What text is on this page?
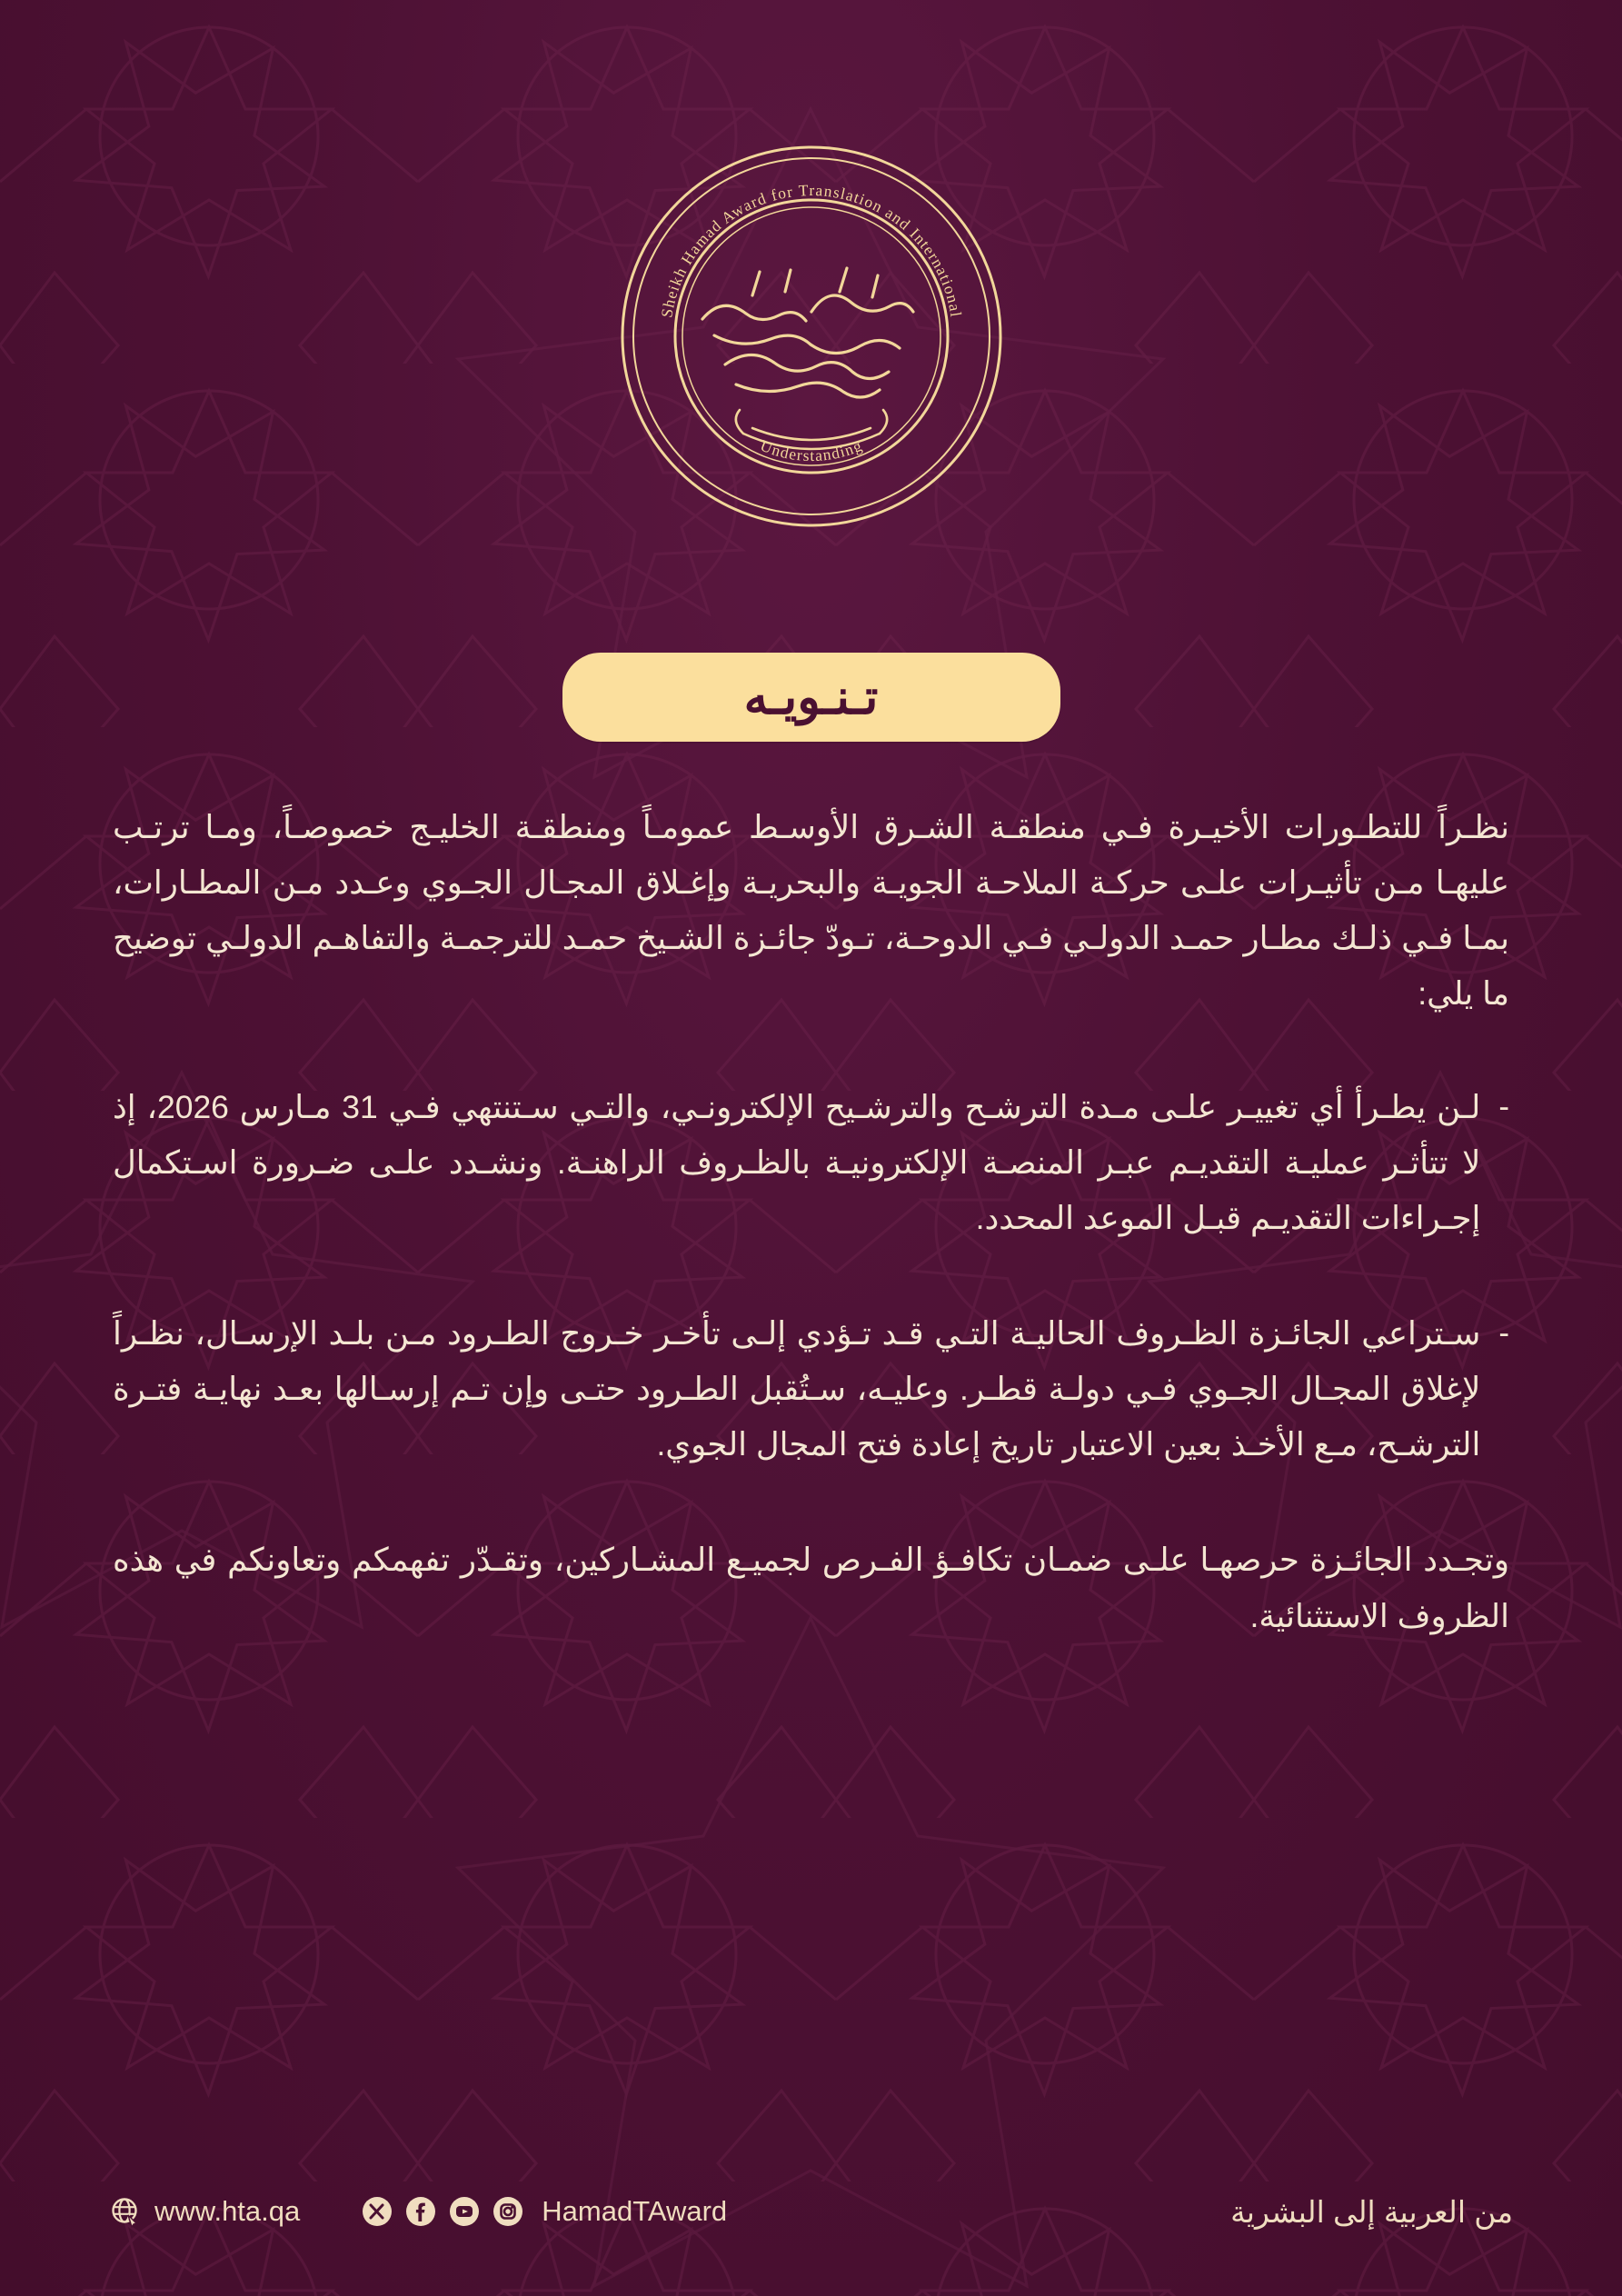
Sheikh Hamad Award for Translation and International
Understanding
تـنـويـه

نظـراً للتطـورات الأخيـرة فـي منطقـة الشـرق الأوسـط عمومـاً ومنطقـة الخليـج خصوصـاً، ومـا ترتـب عليهـا مـن تأثيـرات علـى حركـة الملاحـة الجويـة والبحريـة وإغـلاق المجـال الجـوي وعـدد مـن المطـارات، بمـا فـي ذلـك مطـار حمـد الدولـي فـي الدوحـة، تـودّ جائـزة الشـيخ حمـد للترجمـة والتفاهـم الدولـي توضيح ما يلي:

-
لـن يطـرأ أي تغييـر علـى مـدة الترشـح والترشـيح الإلكترونـي، والتـي سـتنتهي فـي 31 مـارس 2026، إذ لا تتأثـر عمليـة التقديـم عبـر المنصـة الإلكترونيـة بالظـروف الراهنـة. ونشـدد علـى ضـرورة اسـتكمال إجـراءات التقديـم قبـل الموعد المحدد.
-
سـتراعي الجائـزة الظـروف الحاليـة التـي قـد تـؤدي إلـى تأخـر خـروج الطـرود مـن بلـد الإرسـال، نظـراً لإغلاق المجـال الجـوي فـي دولـة قطـر. وعليـه، سـتُقبل الطـرود حتـى وإن تـم إرسـالها بعـد نهايـة فتـرة الترشـح، مـع الأخـذ بعين الاعتبار تاريخ إعادة فتح المجال الجوي.

وتجـدد الجائـزة حرصهـا علـى ضمـان تكافـؤ الفـرص لجميـع المشـاركين، وتقـدّر تفهمكم وتعاونكم في هذه الظروف الاستثنائية.

من العربية إلى البشرية
HamadTAward
www.hta.qa
